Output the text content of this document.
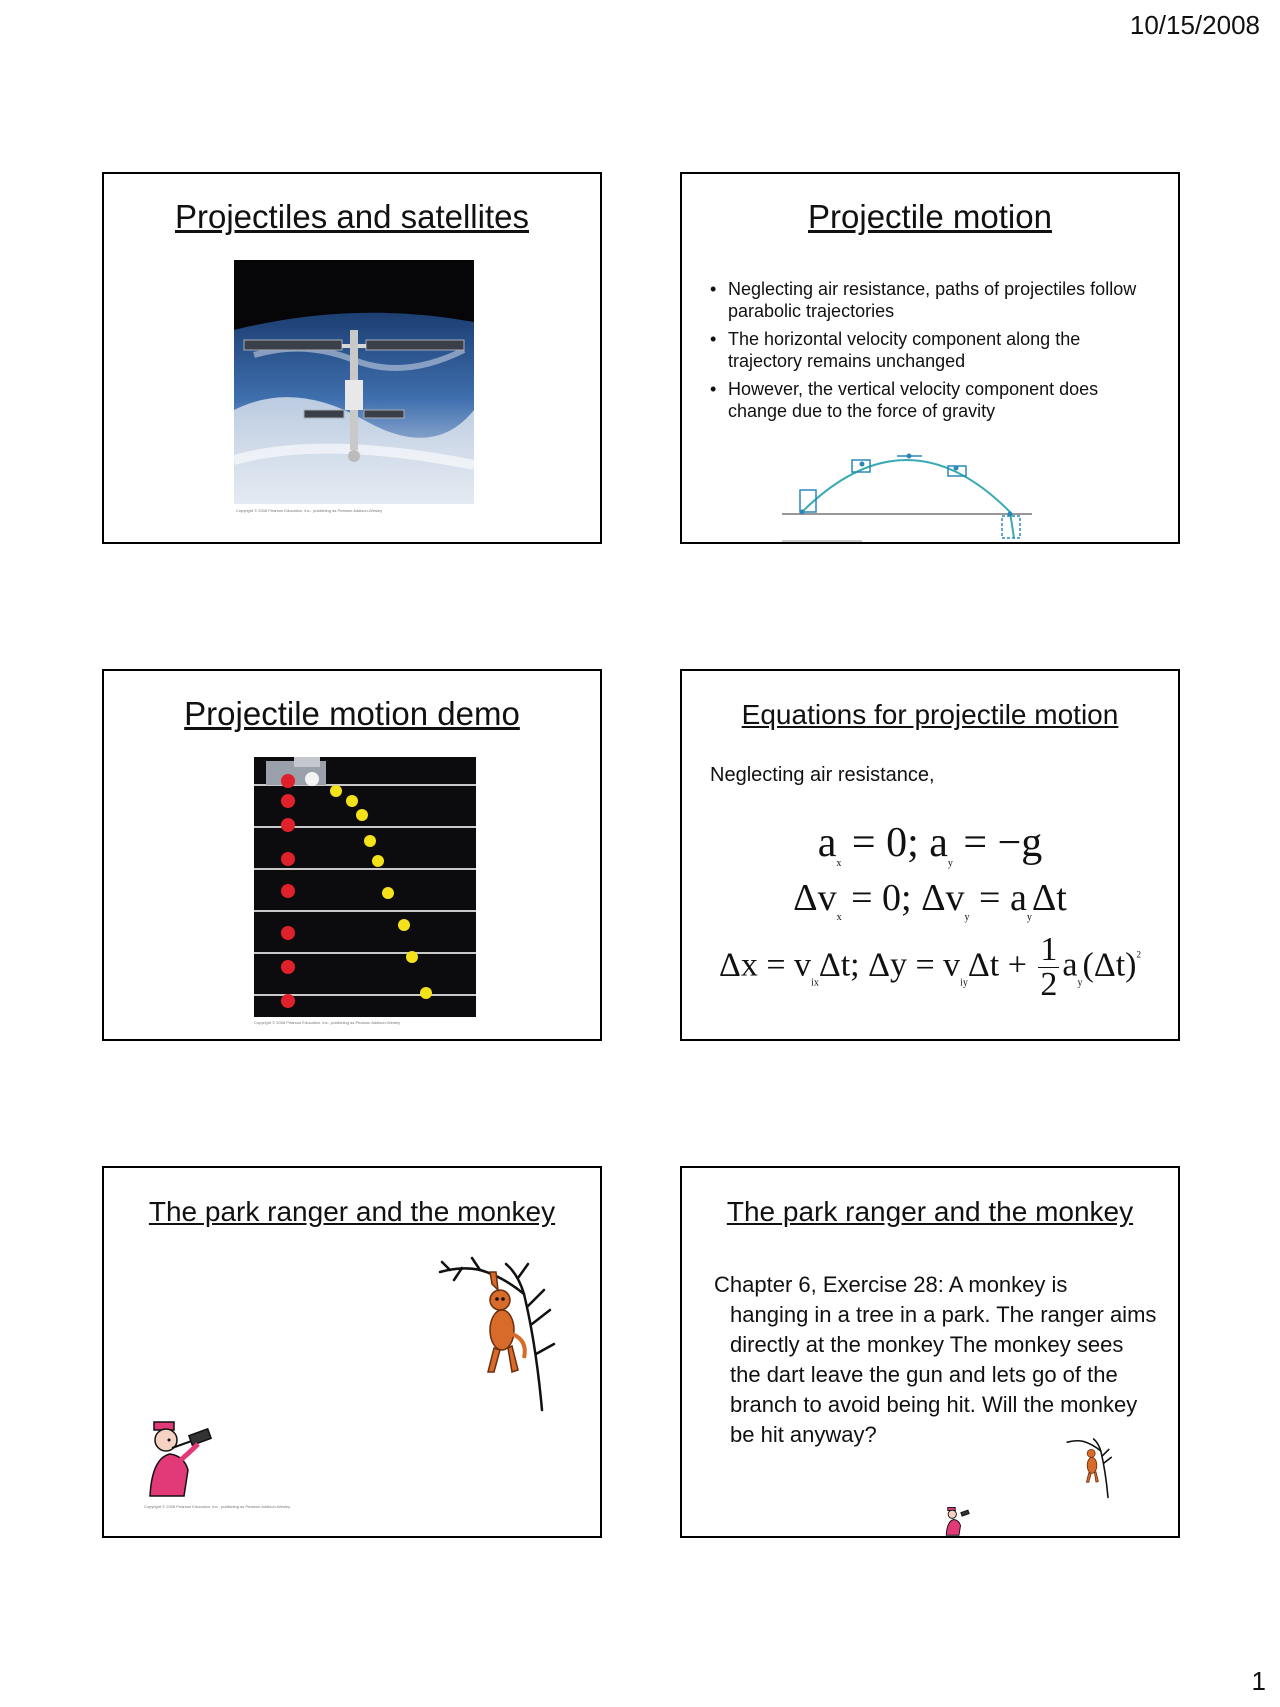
10/15/2008
Projectiles and satellites
Copyright © 2008 Pearson Education, Inc., publishing as Pearson Addison-Wesley
Projectile motion
• Neglecting air resistance, paths of projectiles follow parabolic trajectories
• The horizontal velocity component along the trajectory remains unchanged
• However, the vertical velocity component does change due to the force of gravity
Projectile motion demo
Copyright © 2008 Pearson Education, Inc., publishing as Pearson Addison-Wesley
Equations for projectile motion
Neglecting air resistance,
$a_x = 0$; $a_y = -g$
$\Delta v_x = 0$; $\Delta v_y = a_y\Delta t$
$\Delta x = v_{ix}\Delta t$; $\Delta y = v_{iy}\Delta t + \frac{1}{2} a_y(\Delta t)^2$
The park ranger and the monkey
Copyright © 2008 Pearson Education, Inc., publishing as Pearson Addison-Wesley
The park ranger and the monkey
Chapter 6, Exercise 28: A monkey is
hanging in a tree in a park. The ranger aims directly at the monkey The monkey sees the dart leave the gun and lets go of the branch to avoid being hit. Will the monkey be hit anyway?
1
